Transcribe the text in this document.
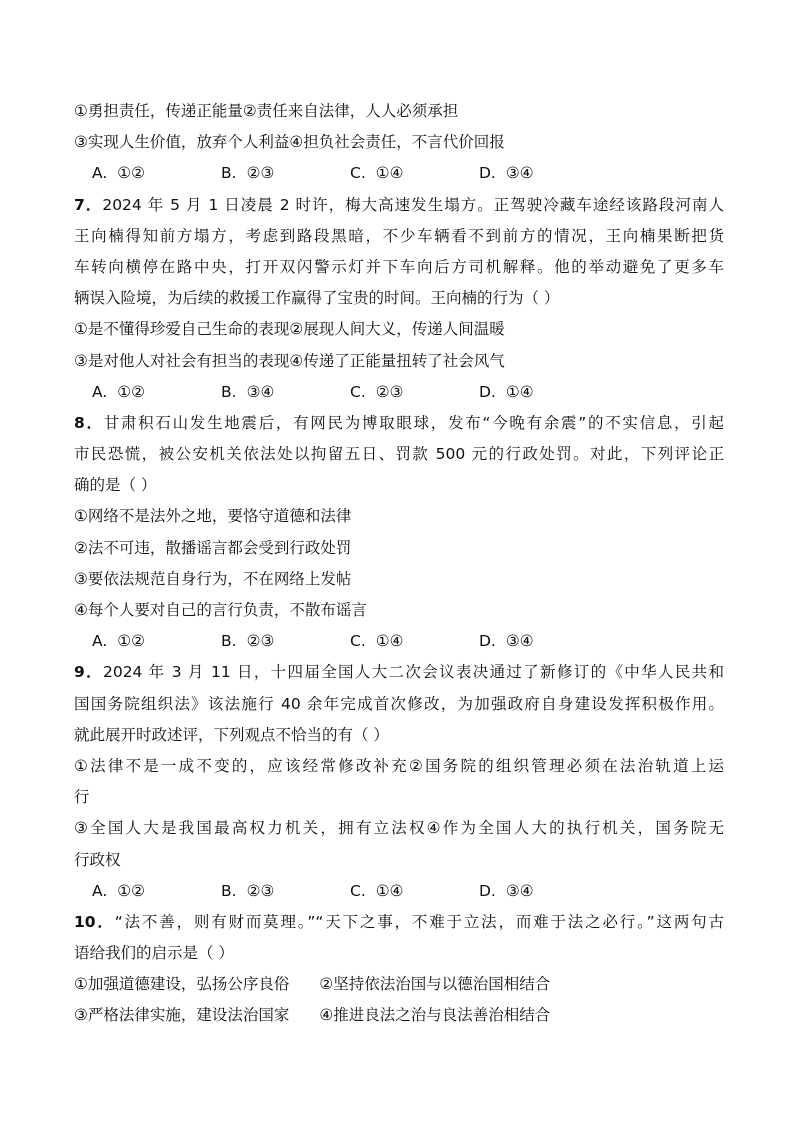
①勇担责任，传递正能量②责任来自法律，人人必须承担
③实现人生价值，放弃个人利益④担负社会责任，不言代价回报
A. ①②	B. ②③	C. ①④	D. ③④
7．2024 年 5 月 1 日凌晨 2 时许，梅大高速发生塌方。正驾驶冷藏车途经该路段河南人
王向楠得知前方塌方，考虑到路段黑暗，不少车辆看不到前方的情况，王向楠果断把货
车转向横停在路中央，打开双闪警示灯并下车向后方司机解释。他的举动避免了更多车
辆误入险境，为后续的救援工作赢得了宝贵的时间。王向楠的行为（ ）
①是不懂得珍爱自己生命的表现②展现人间大义，传递人间温暖
③是对他人对社会有担当的表现④传递了正能量扭转了社会风气
A. ①②	B. ③④	C. ②③	D. ①④
8．甘肃积石山发生地震后，有网民为博取眼球，发布“今晚有余震”的不实信息，引起
市民恐慌，被公安机关依法处以拘留五日、罚款 500 元的行政处罚。对此，下列评论正
确的是（ ）
①网络不是法外之地，要恪守道德和法律
②法不可违，散播谣言都会受到行政处罚
③要依法规范自身行为，不在网络上发帖
④每个人要对自己的言行负责，不散布谣言
A. ①②	B. ②③	C. ①④	D. ③④
9．2024 年 3 月 11 日，十四届全国人大二次会议表决通过了新修订的《中华人民共和
国国务院组织法》该法施行 40 余年完成首次修改，为加强政府自身建设发挥积极作用。
就此展开时政述评，下列观点不恰当的有（ ）
①法律不是一成不变的，应该经常修改补充②国务院的组织管理必须在法治轨道上运
行
③全国人大是我国最高权力机关，拥有立法权④作为全国人大的执行机关，国务院无
行政权
A. ①②	B. ②③	C. ①④	D. ③④
10．“法不善，则有财而莫理。”“天下之事，不难于立法，而难于法之必行。”这两句古
语给我们的启示是（ ）
①加强道德建设，弘扬公序良俗 ②坚持依法治国与以德治国相结合
③严格法律实施，建设法治国家 ④推进良法之治与良法善治相结合
